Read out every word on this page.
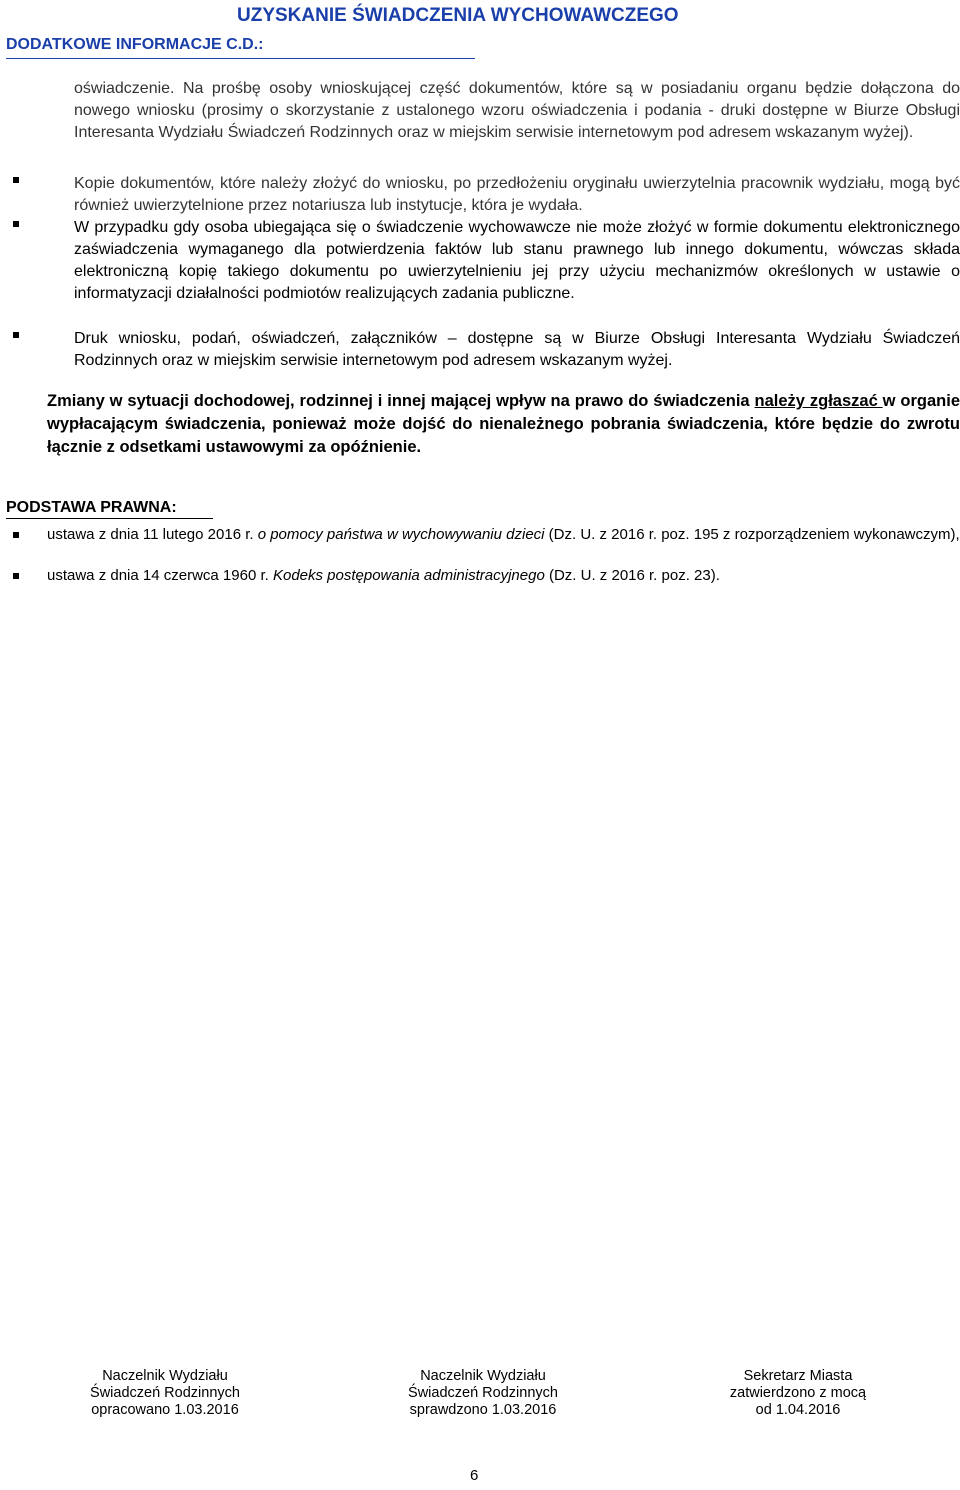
UZYSKANIE ŚWIADCZENIA WYCHOWAWCZEGO
DODATKOWE INFORMACJE C.D.:
oświadczenie. Na prośbę osoby wnioskującej część dokumentów, które są w posiadaniu organu będzie dołączona do nowego wniosku (prosimy o skorzystanie z ustalonego wzoru oświadczenia i podania - druki dostępne w Biurze Obsługi Interesanta Wydziału Świadczeń Rodzinnych oraz w miejskim serwisie internetowym pod adresem wskazanym wyżej).
Kopie dokumentów, które należy złożyć do wniosku, po przedłożeniu oryginału uwierzytelnia pracownik wydziału, mogą być również uwierzytelnione przez notariusza lub instytucje, która je wydała.
W przypadku gdy osoba ubiegająca się o świadczenie wychowawcze nie może złożyć w formie dokumentu elektronicznego zaświadczenia wymaganego dla potwierdzenia faktów lub stanu prawnego lub innego dokumentu, wówczas składa elektroniczną kopię takiego dokumentu po uwierzytelnieniu jej przy użyciu mechanizmów określonych w ustawie o informatyzacji działalności podmiotów realizujących zadania publiczne.
Druk wniosku, podań, oświadczeń, załączników – dostępne są w Biurze Obsługi Interesanta Wydziału Świadczeń Rodzinnych oraz w miejskim serwisie internetowym pod adresem wskazanym wyżej.
Zmiany w sytuacji dochodowej, rodzinnej i innej mającej wpływ na prawo do świadczenia należy zgłaszać w organie wypłacającym świadczenia, ponieważ może dojść do nienależnego pobrania świadczenia, które będzie do zwrotu łącznie z odsetkami ustawowymi za opóźnienie.
PODSTAWA PRAWNA:
ustawa z dnia 11 lutego 2016 r. o pomocy państwa w wychowywaniu dzieci (Dz. U. z 2016 r. poz. 195 z rozporządzeniem wykonawczym),
ustawa z dnia 14 czerwca 1960 r. Kodeks postępowania administracyjnego (Dz. U. z 2016 r. poz. 23).
Naczelnik Wydziału
Świadczeń Rodzinnych
opracowano 1.03.2016
Naczelnik Wydziału
Świadczeń Rodzinnych
sprawdzono 1.03.2016
Sekretarz Miasta
zatwierdzono z mocą
od 1.04.2016
6
